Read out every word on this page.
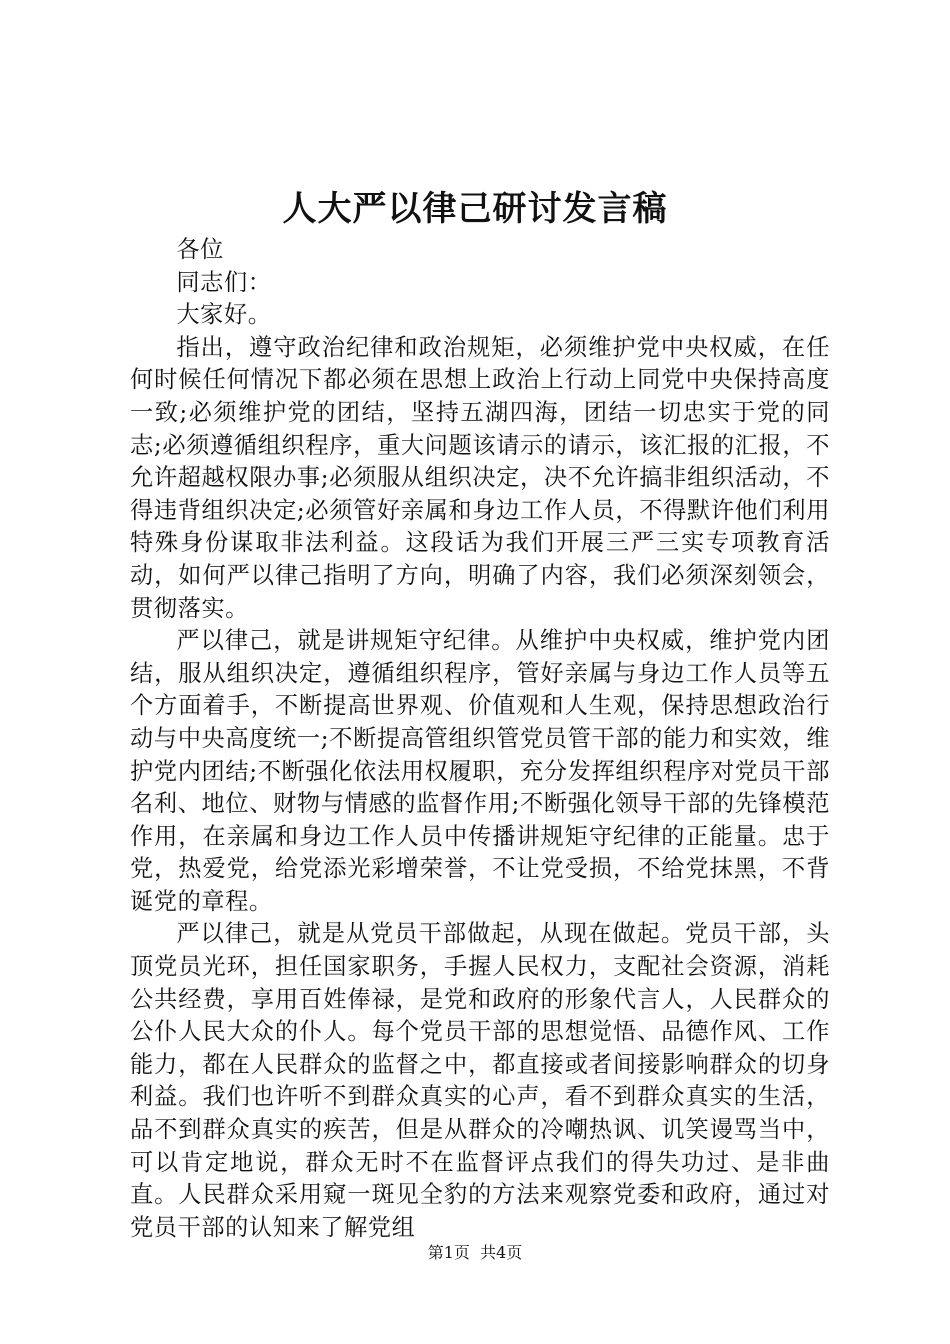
人大严以律己研讨发言稿

各位

同志们：

大家好。

指出，遵守政治纪律和政治规矩，必须维护党中央权威，在任何时候任何情况下都必须在思想上政治上行动上同党中央保持高度一致;必须维护党的团结，坚持五湖四海，团结一切忠实于党的同志;必须遵循组织程序，重大问题该请示的请示，该汇报的汇报，不允许超越权限办事;必须服从组织决定，决不允许搞非组织活动，不得违背组织决定;必须管好亲属和身边工作人员，不得默许他们利用特殊身份谋取非法利益。这段话为我们开展三严三实专项教育活动，如何严以律己指明了方向，明确了内容，我们必须深刻领会，贯彻落实。

严以律己，就是讲规矩守纪律。从维护中央权威，维护党内团结，服从组织决定，遵循组织程序，管好亲属与身边工作人员等五个方面着手，不断提高世界观、价值观和人生观，保持思想政治行动与中央高度统一;不断提高管组织管党员管干部的能力和实效，维护党内团结;不断强化依法用权履职，充分发挥组织程序对党员干部名利、地位、财物与情感的监督作用;不断强化领导干部的先锋模范作用，在亲属和身边工作人员中传播讲规矩守纪律的正能量。忠于党，热爱党，给党添光彩增荣誉，不让党受损，不给党抹黑，不背诞党的章程。

严以律己，就是从党员干部做起，从现在做起。党员干部，头顶党员光环，担任国家职务，手握人民权力，支配社会资源，消耗公共经费，享用百姓俸禄，是党和政府的形象代言人，人民群众的公仆人民大众的仆人。每个党员干部的思想觉悟、品德作风、工作能力，都在人民群众的监督之中，都直接或者间接影响群众的切身利益。我们也许听不到群众真实的心声，看不到群众真实的生活，品不到群众真实的疾苦，但是从群众的冷嘲热讽、讥笑谩骂当中，可以肯定地说，群众无时不在监督评点我们的得失功过、是非曲直。人民群众采用窥一斑见全豹的方法来观察党委和政府，通过对党员干部的认知来了解党组

第1页 共4页
